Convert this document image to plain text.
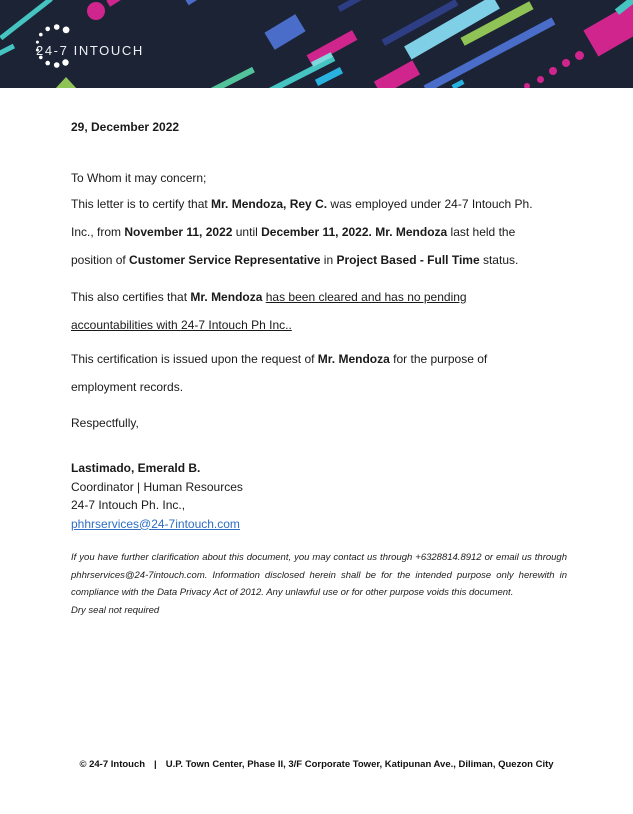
24-7 INTOUCH
29, December 2022
To Whom it may concern;
This letter is to certify that Mr. Mendoza, Rey C. was employed under 24-7 Intouch Ph.
Inc., from November 11, 2022 until December 11, 2022. Mr. Mendoza last held the
position of Customer Service Representative in Project Based - Full Time status.
This also certifies that Mr. Mendoza has been cleared and has no pending
accountabilities with 24-7 Intouch Ph Inc..
This certification is issued upon the request of Mr. Mendoza for the purpose of
employment records.
Respectfully,
Lastimado, Emerald B.
Coordinator | Human Resources
24-7 Intouch Ph. Inc.,
phhrservices@24-7intouch.com
If you have further clarification about this document, you may contact us through +6328814.8912 or email us through
phhrservices@24-7intouch.com. Information disclosed herein shall be for the intended purpose only herewith in
compliance with the Data Privacy Act of 2012. Any unlawful use or for other purpose voids this document.
Dry seal not required
© 24-7 Intouch | U.P. Town Center, Phase II, 3/F Corporate Tower, Katipunan Ave., Diliman, Quezon City
